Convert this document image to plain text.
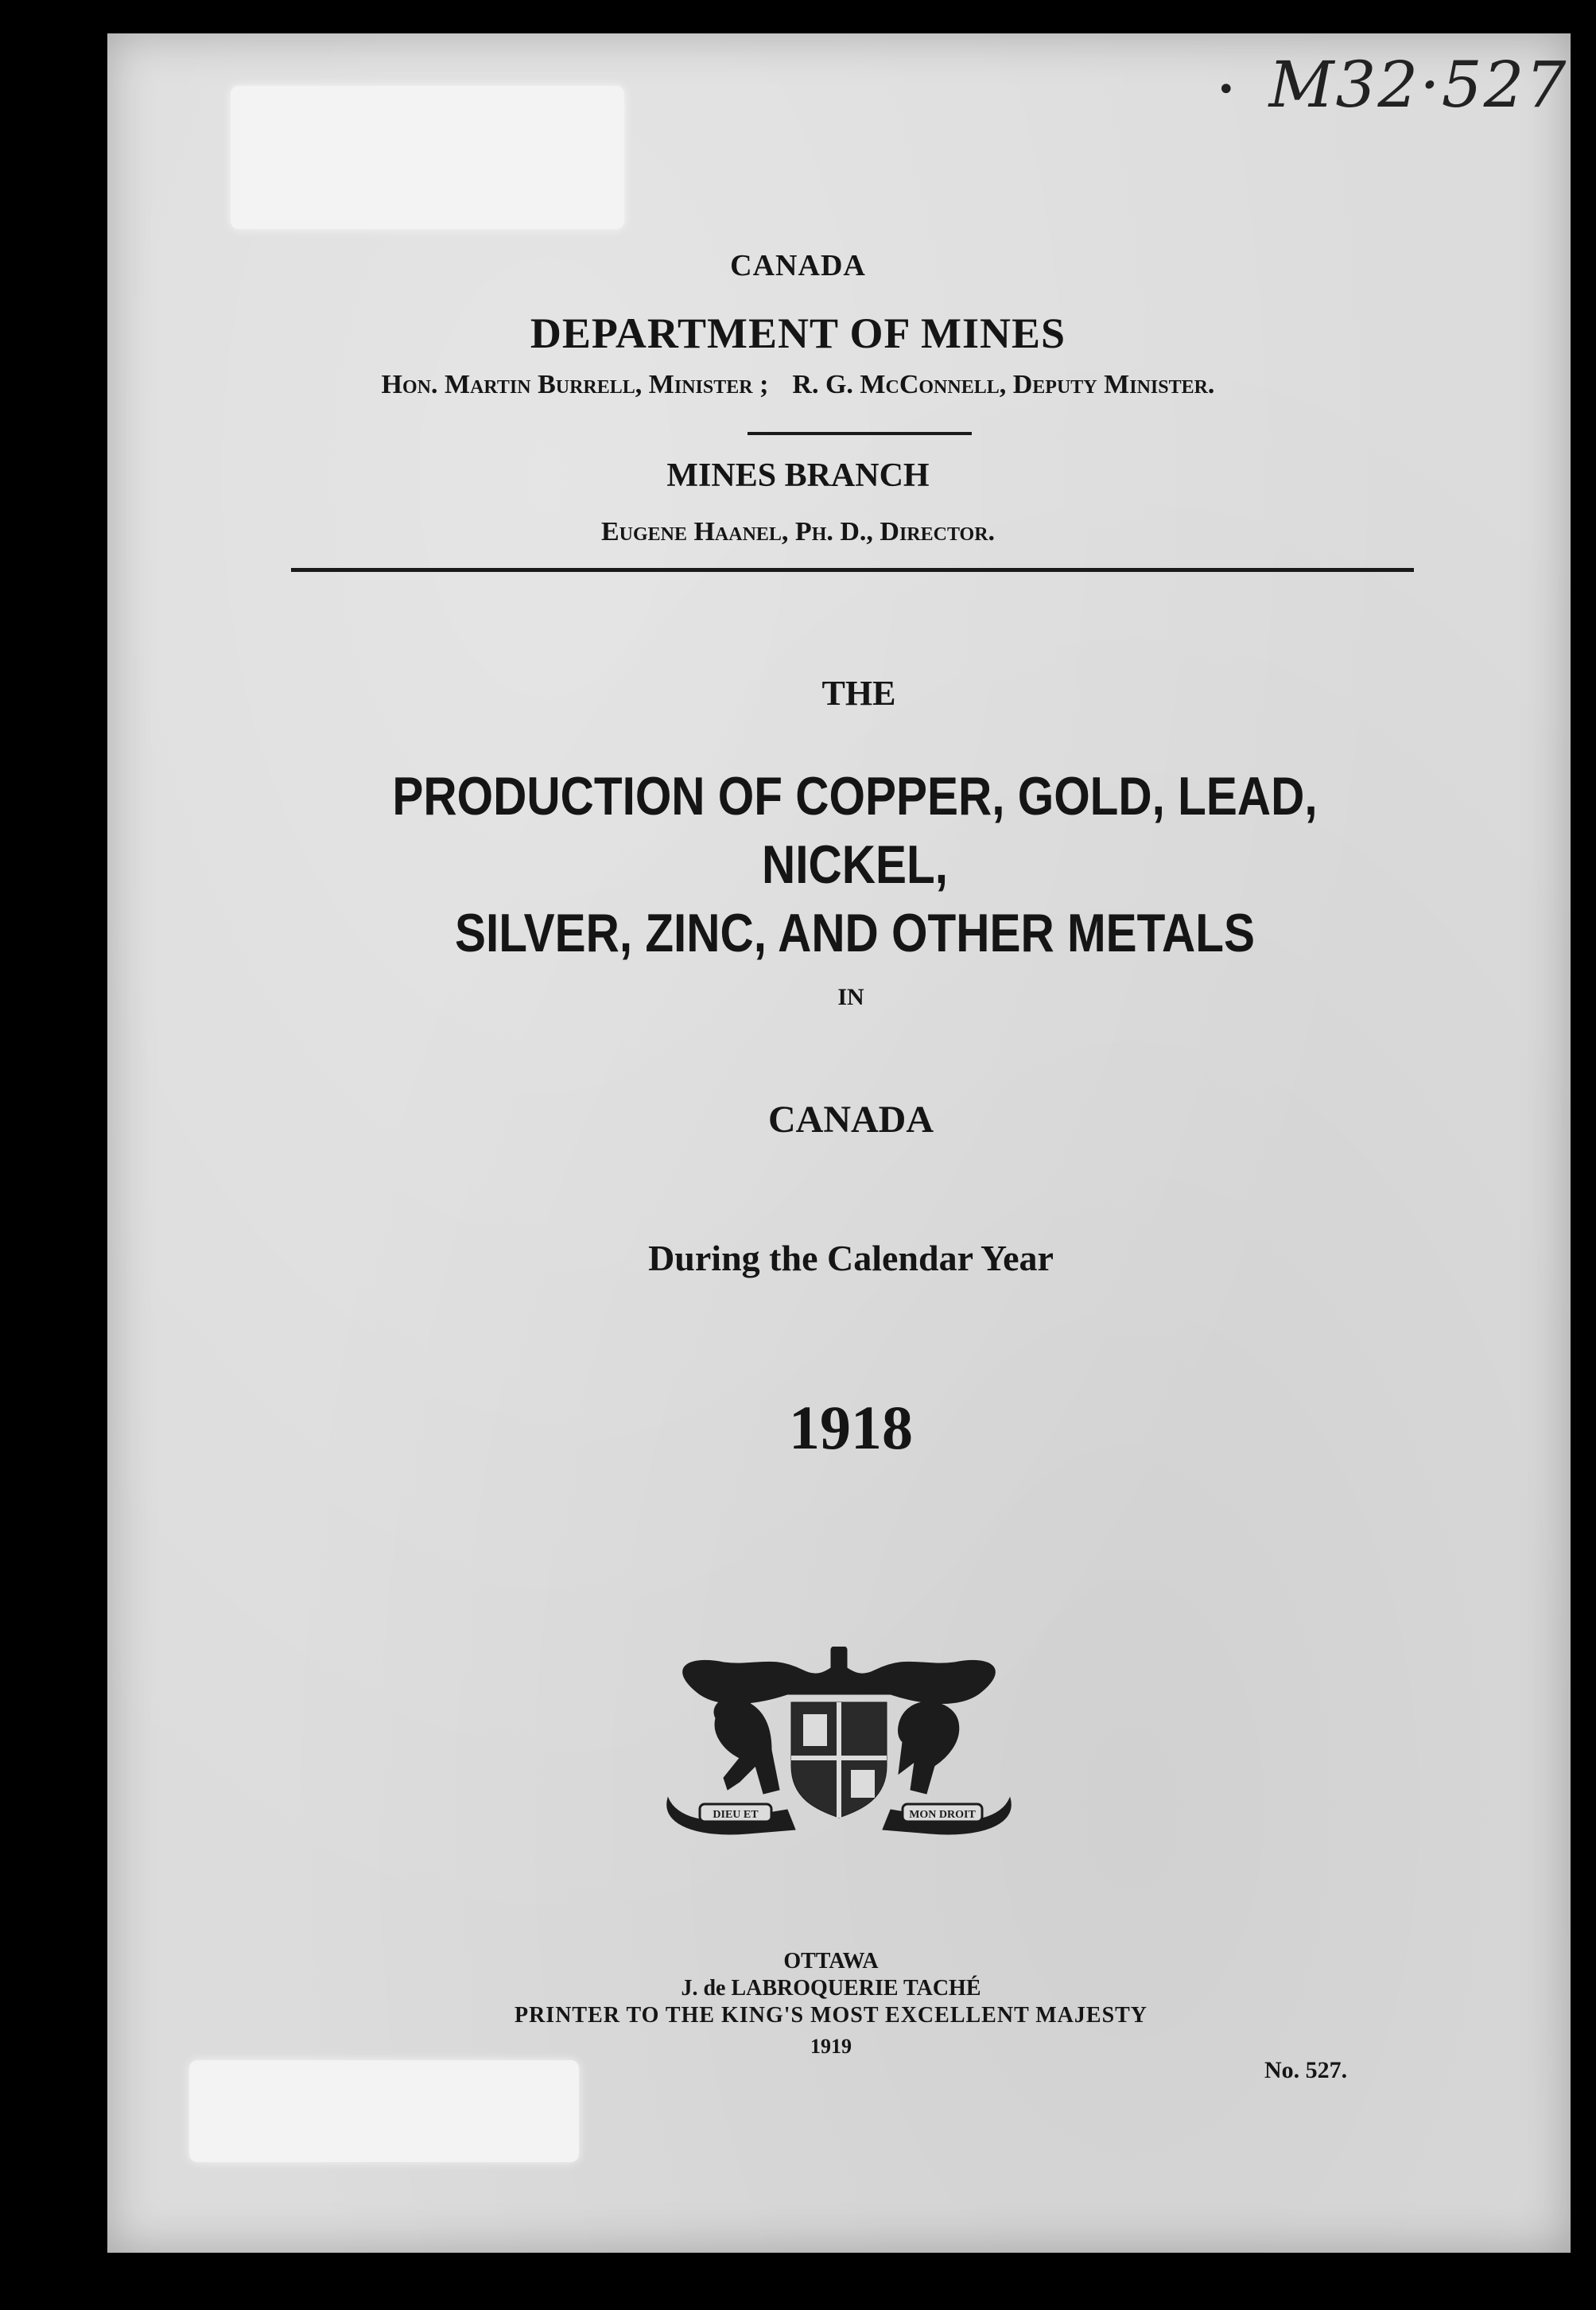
• M32·527
CANADA
DEPARTMENT OF MINES
Hon. Martin Burrell, Minister ; R. G. McConnell, Deputy Minister.
MINES BRANCH
Eugene Haanel, Ph. D., Director.
THE
PRODUCTION OF COPPER, GOLD, LEAD, NICKEL,
SILVER, ZINC, AND OTHER METALS
IN
CANADA
During the Calendar Year
1918
DIEU ET	MON DROIT
OTTAWA
J. de LABROQUERIE TACHÉ
PRINTER TO THE KING'S MOST EXCELLENT MAJESTY
1919
No. 527.
